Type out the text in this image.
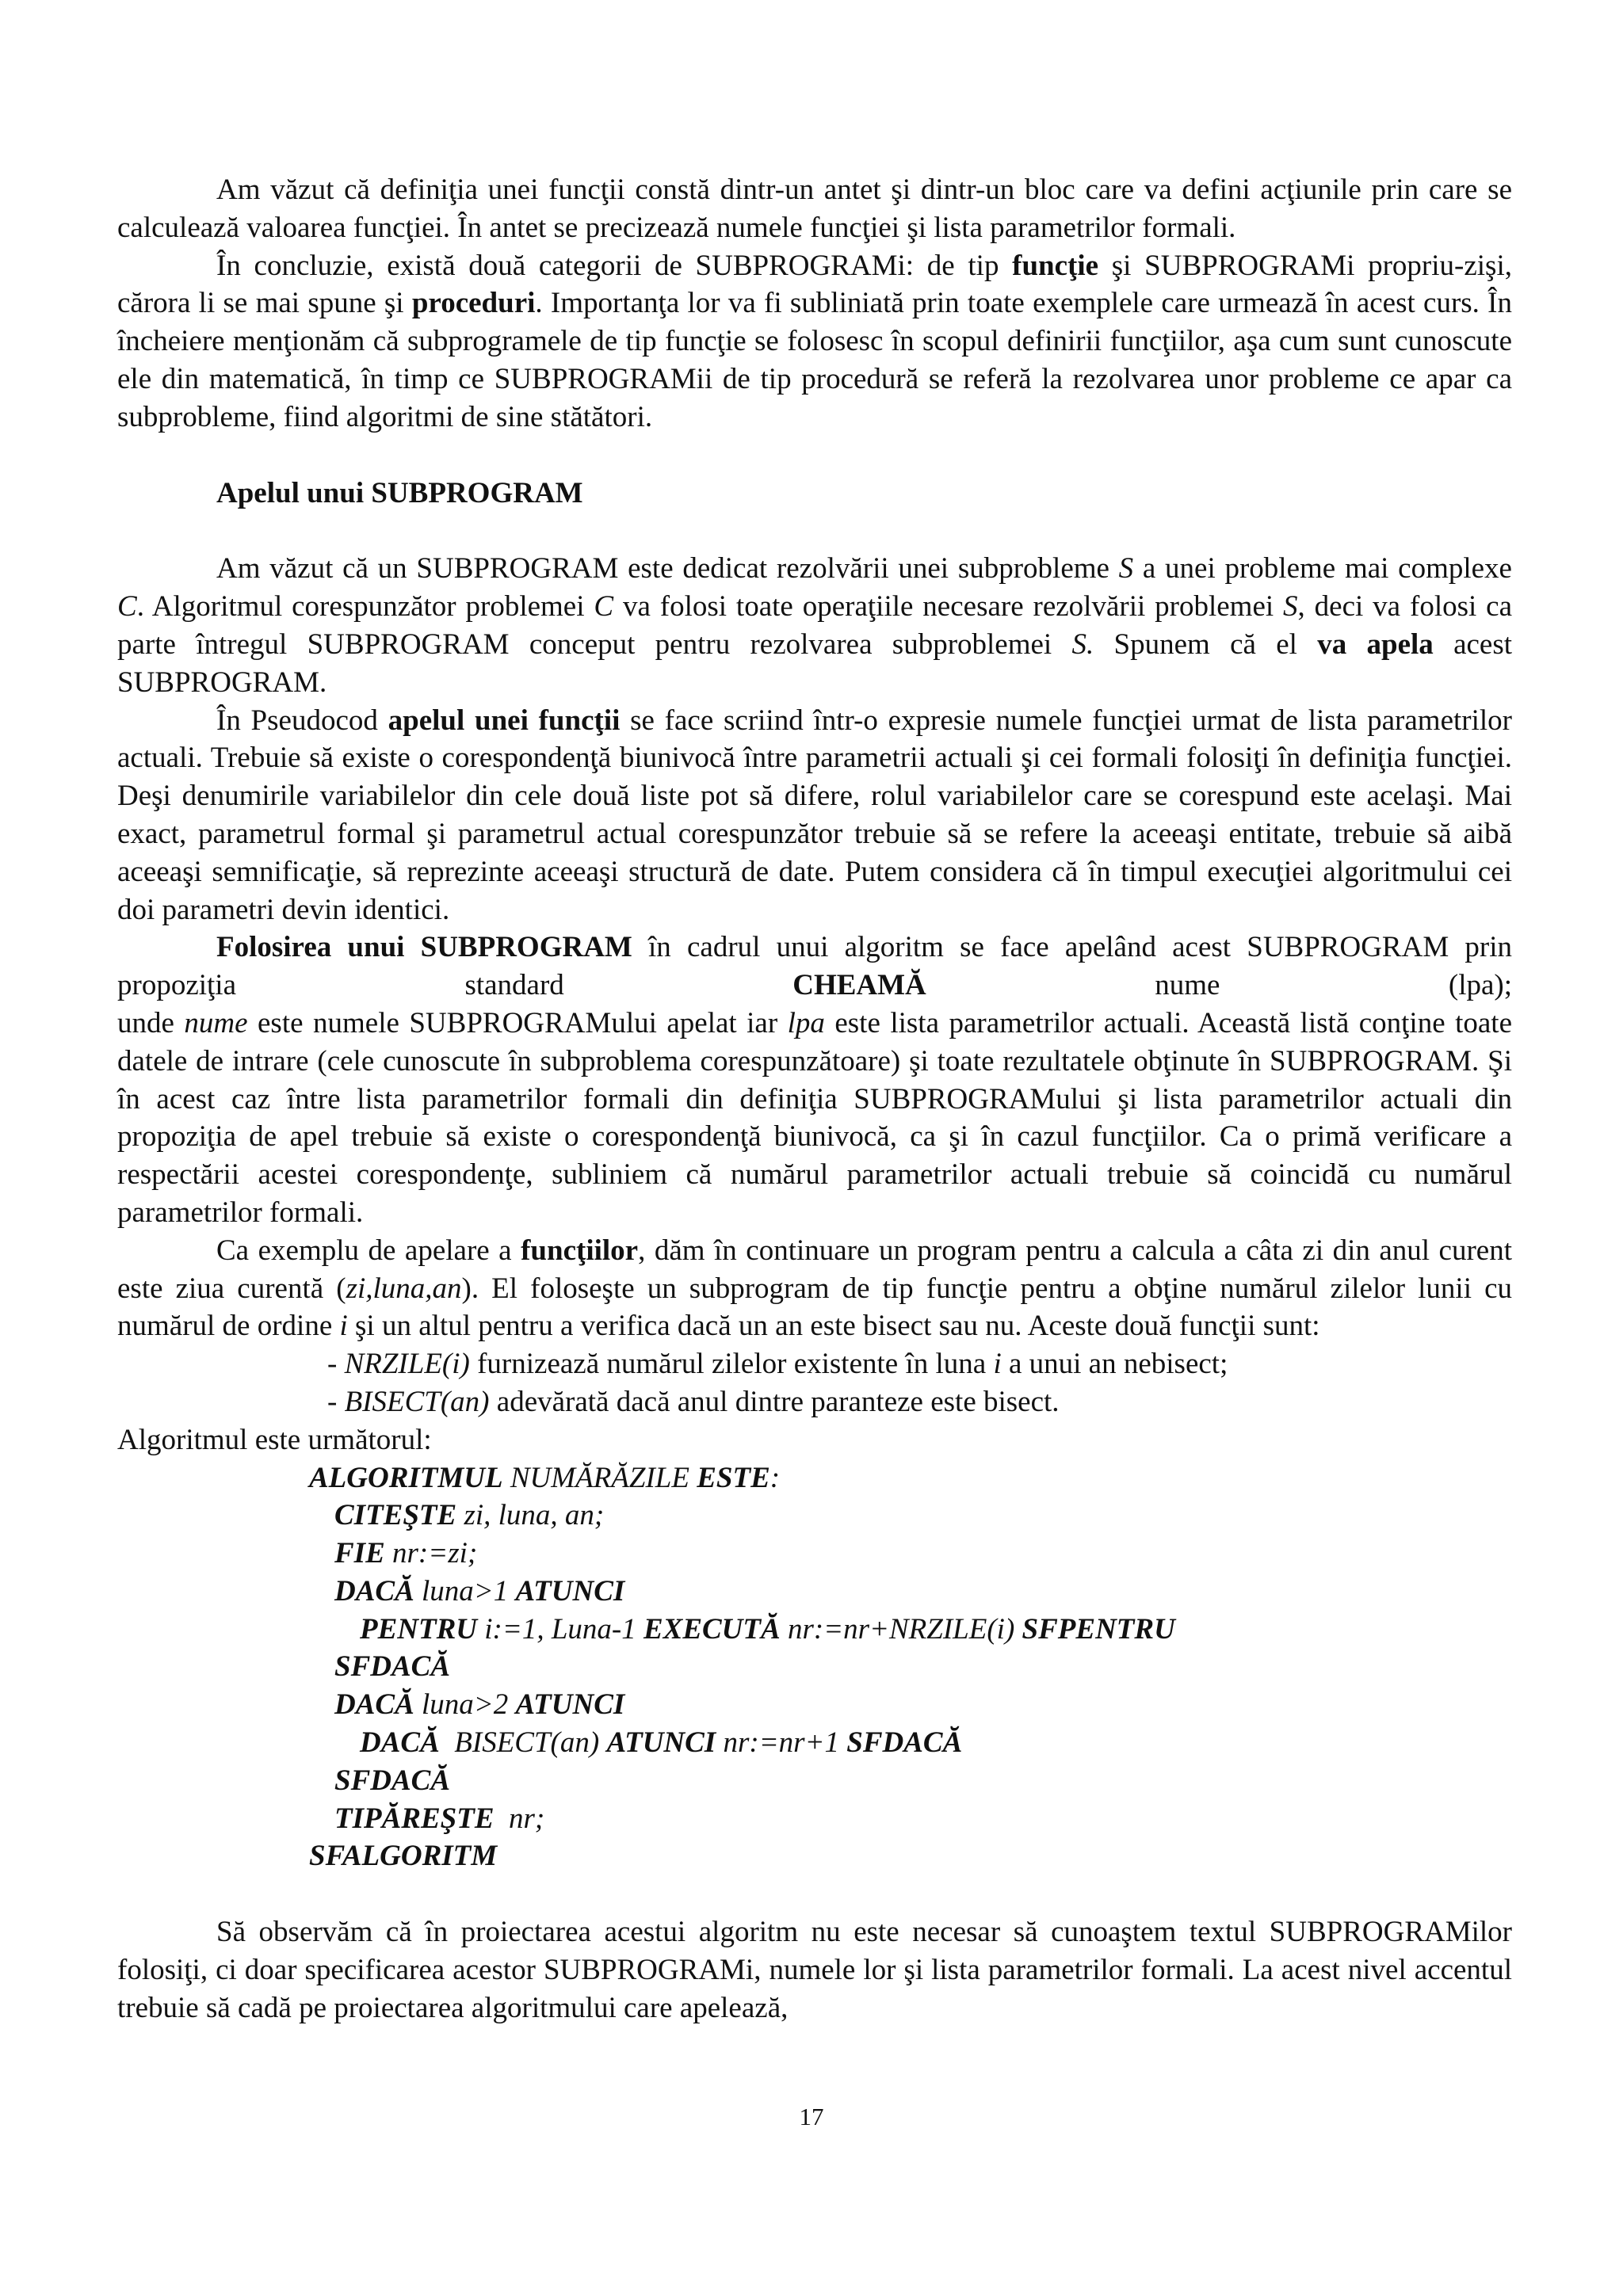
Am văzut că definiţia unei funcţii constă dintr-un antet şi dintr-un bloc care va defini acţiunile prin care se calculează valoarea funcţiei. În antet se precizează numele funcţiei şi lista parametrilor formali.

În concluzie, există două categorii de SUBPROGRAMi: de tip funcţie şi SUBPROGRAMi propriu-zişi, cărora li se mai spune şi proceduri. Importanţa lor va fi subliniată prin toate exemplele care urmează în acest curs. În încheiere menţionăm că subprogramele de tip funcţie se folosesc în scopul definirii funcţiilor, aşa cum sunt cunoscute ele din matematică, în timp ce SUBPROGRAMii de tip procedură se referă la rezolvarea unor probleme ce apar ca subprobleme, fiind algoritmi de sine stătători.

Apelul unui SUBPROGRAM

Am văzut că un SUBPROGRAM este dedicat rezolvării unei subprobleme S a unei probleme mai complexe C. Algoritmul corespunzător problemei C va folosi toate operaţiile necesare rezolvării problemei S, deci va folosi ca parte întregul SUBPROGRAM conceput pentru rezolvarea subproblemei S. Spunem că el va apela acest SUBPROGRAM.

În Pseudocod apelul unei funcţii se face scriind într-o expresie numele funcţiei urmat de lista parametrilor actuali. Trebuie să existe o corespondenţă biunivocă între parametrii actuali şi cei formali folosiţi în definiţia funcţiei. Deşi denumirile variabilelor din cele două liste pot să difere, rolul variabilelor care se corespund este acelaşi. Mai exact, parametrul formal şi parametrul actual corespunzător trebuie să se refere la aceeaşi entitate, trebuie să aibă aceeaşi semnificaţie, să reprezinte aceeaşi structură de date. Putem considera că în timpul execuţiei algoritmului cei doi parametri devin identici.

Folosirea unui SUBPROGRAM în cadrul unui algoritm se face apelând acest SUBPROGRAM prin propoziţia standard CHEAMĂ nume (lpa);

unde nume este numele SUBPROGRAMului apelat iar lpa este lista parametrilor actuali. Această listă conţine toate datele de intrare (cele cunoscute în subproblema corespunzătoare) şi toate rezultatele obţinute în SUBPROGRAM. Şi în acest caz între lista parametrilor formali din definiţia SUBPROGRAMului şi lista parametrilor actuali din propoziţia de apel trebuie să existe o corespondenţă biunivocă, ca şi în cazul funcţiilor. Ca o primă verificare a respectării acestei corespondenţe, subliniem că numărul parametrilor actuali trebuie să coincidă cu numărul parametrilor formali.

Ca exemplu de apelare a funcţiilor, dăm în continuare un program pentru a calcula a câta zi din anul curent este ziua curentă (zi,luna,an). El foloseşte un subprogram de tip funcţie pentru a obţine numărul zilelor lunii cu numărul de ordine i şi un altul pentru a verifica dacă un an este bisect sau nu. Aceste două funcţii sunt:

- NRZILE(i) furnizează numărul zilelor existente în luna i a unui an nebisect;

- BISECT(an) adevărată dacă anul dintre paranteze este bisect.

Algoritmul este următorul:

ALGORITMUL NUMĂRĂZILE ESTE:
CITEŞTE zi, luna, an;
FIE nr:=zi;
DACĂ luna>1 ATUNCI
PENTRU i:=1, Luna-1 EXECUTĂ nr:=nr+NRZILE(i) SFPENTRU
SFDACĂ
DACĂ luna>2 ATUNCI
DACĂ  BISECT(an) ATUNCI nr:=nr+1 SFDACĂ
SFDACĂ
TIPĂREŞTE  nr;
SFALGORITM

Să observăm că în proiectarea acestui algoritm nu este necesar să cunoaştem textul SUBPROGRAMilor folosiţi, ci doar specificarea acestor SUBPROGRAMi, numele lor şi lista parametrilor formali. La acest nivel accentul trebuie să cadă pe proiectarea algoritmului care apelează,

17
